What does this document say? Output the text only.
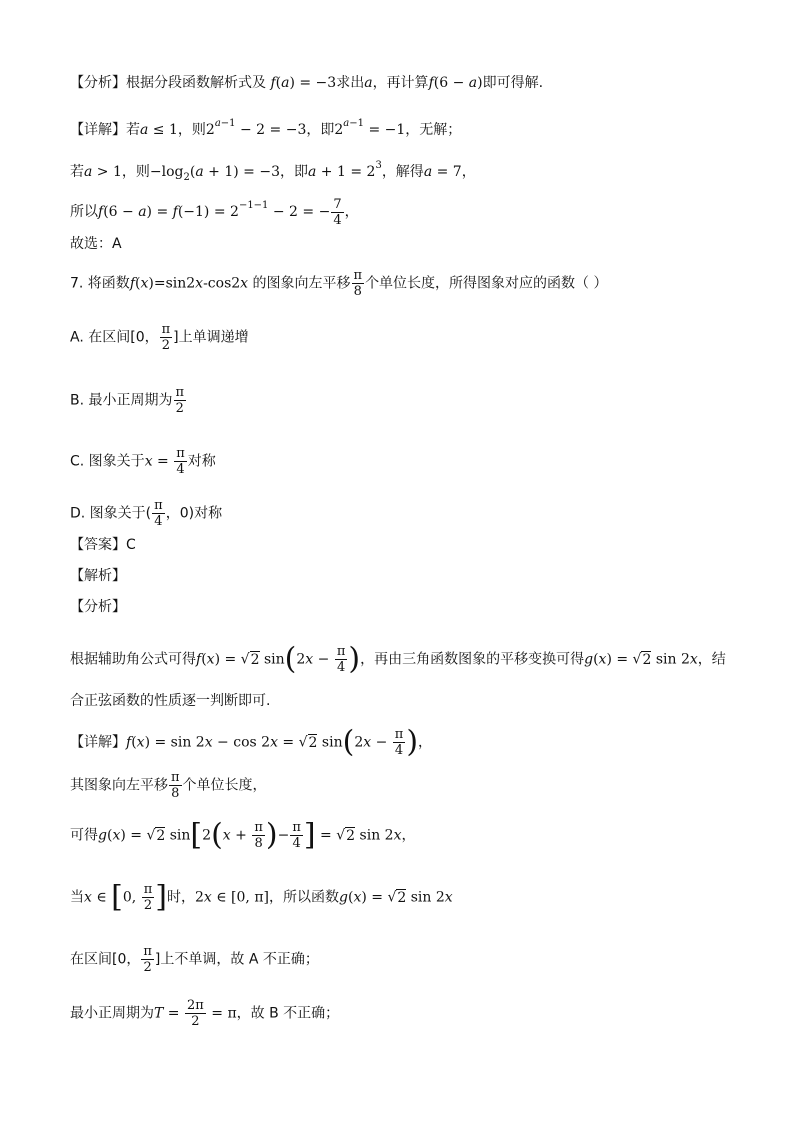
【分析】根据分段函数解析式及 f(a) = −3求出a，再计算f(6 − a)即可得解.
【详解】若a ≤ 1，则$2^{a-1} - 2 = -3$，即$2^{a-1} = -1$，无解；
若a > 1，则$-\log_2(a + 1) = -3$，即$a + 1 = 2^3$，解得a = 7，
所以$f(6 - a) = f(-1) = 2^{-1-1} - 2$ = − $\frac{7}{4}$ ，
故选：A
7. 将函数f(x)=sin2x-cos2x 的图象向左平移 $\frac{\pi}{8}$ 个单位长度，所得图象对应的函数（ ）
A. 在区间[0， $\frac{\pi}{2}$ ]上单调递增
B. 最小正周期为 $\frac{\pi}{2}$
C. 图象关于$x = \frac{\pi}{4}$ 对称
D. 图象关于( $\frac{\pi}{4}$ ，0)对称
【答案】C
【解析】
【分析】
根据辅助角公式可得f(x) = √2 $\sin(2x - \frac{\pi}{4}$ )，再由三角函数图象的平移变换可得g(x) = √2 sin 2x，结
合正弦函数的性质逐一判断即可.
【详解】f(x) = sin 2x − cos 2x = √2 $\sin(2x - \frac{\pi}{4}$ )，
其图象向左平移 $\frac{\pi}{8}$ 个单位长度，
可得g(x) = √2 $\sin[2(x + \frac{\pi}{8}$ )− $\frac{\pi}{4}$ ] = √2 sin 2x，
当x ∈ [0, $\frac{\pi}{2}$ ]时，2x ∈ [0, π]，所以函数g(x) = √2 sin 2x
在区间[0， $\frac{\pi}{2}$ ]上不单调，故 A 不正确；
最小正周期为$T = \frac{2\pi}{2} = \pi$，故 B 不正确；
